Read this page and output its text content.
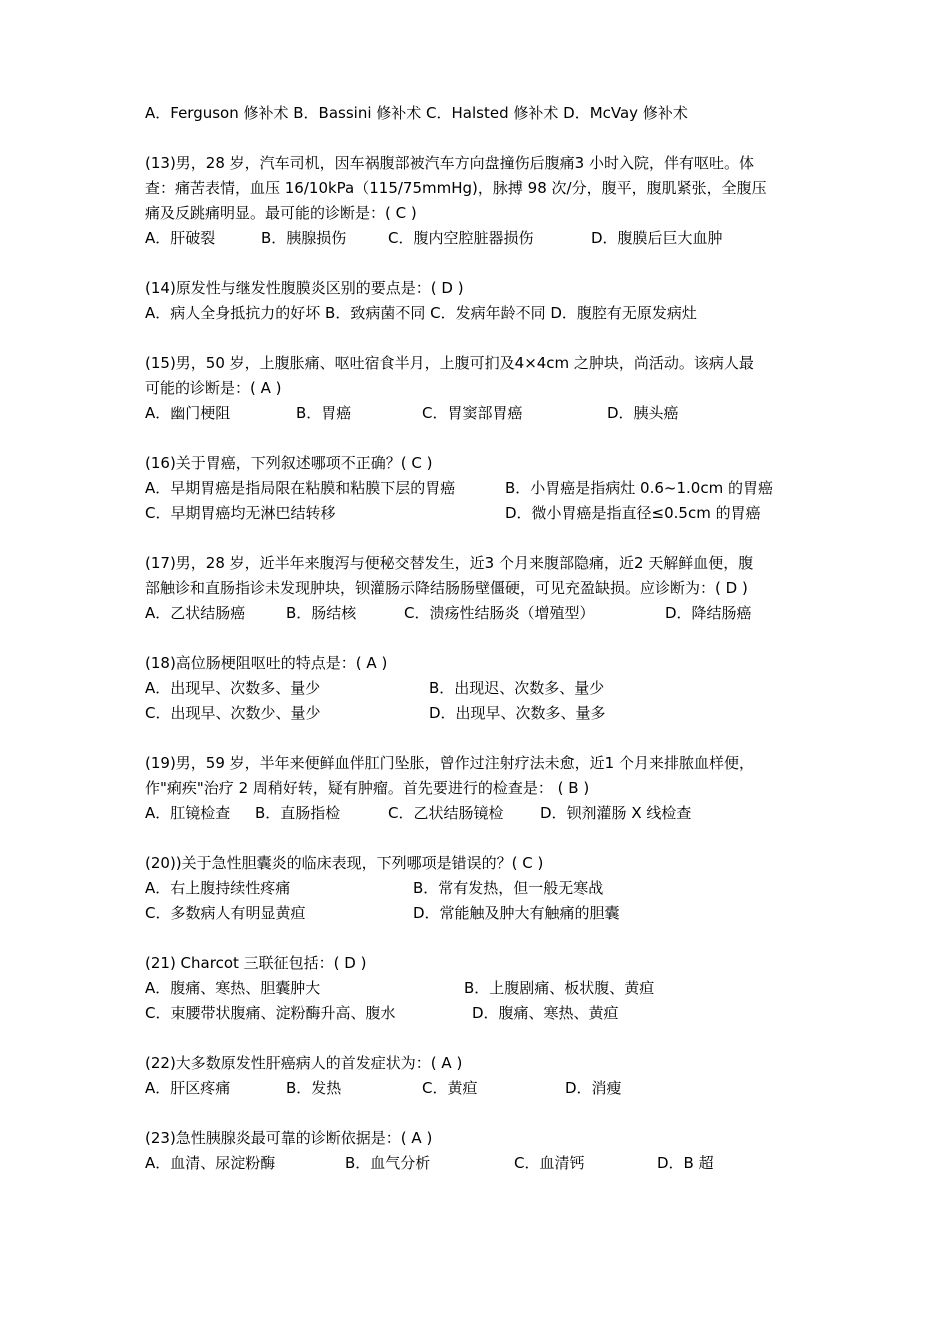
A．Ferguson 修补术 B．Bassini 修补术 C．Halsted 修补术 D．McVay 修补术
(13)男，28 岁，汽车司机，因车祸腹部被汽车方向盘撞伤后腹痛3 小时入院，伴有呕吐。体
查：痛苦表情，血压 16/10kPa（115/75mmHg)，脉搏 98 次/分，腹平，腹肌紧张，全腹压
痛及反跳痛明显。最可能的诊断是：( C )
A．肝破裂	B．胰腺损伤	C．腹内空腔脏器损伤	D．腹膜后巨大血肿
(14)原发性与继发性腹膜炎区别的要点是：( D )
A．病人全身抵抗力的好坏 B．致病菌不同 C．发病年龄不同 D．腹腔有无原发病灶
(15)男，50 岁，上腹胀痛、呕吐宿食半月，上腹可扪及4×4cm 之肿块，尚活动。该病人最
可能的诊断是：( A )
A．幽门梗阻	B．胃癌	C．胃窦部胃癌	D．胰头癌
(16)关于胃癌，下列叙述哪项不正确？( C )
A．早期胃癌是指局限在粘膜和粘膜下层的胃癌	B．小胃癌是指病灶 0.6~1.0cm 的胃癌
C．早期胃癌均无淋巴结转移	D．微小胃癌是指直径≤0.5cm 的胃癌
(17)男，28 岁，近半年来腹泻与便秘交替发生，近3 个月来腹部隐痛，近2 天解鲜血便，腹
部触诊和直肠指诊未发现肿块，钡灌肠示降结肠肠壁僵硬，可见充盈缺损。应诊断为：( D )
A．乙状结肠癌	B．肠结核	C．溃疡性结肠炎（增殖型）	D．降结肠癌
(18)高位肠梗阻呕吐的特点是：( A )
A．出现早、次数多、量少	B．出现迟、次数多、量少
C．出现早、次数少、量少	D．出现早、次数多、量多
(19)男，59 岁，半年来便鲜血伴肛门坠胀，曾作过注射疗法未愈，近1 个月来排脓血样便，
作"痢疾"治疗 2 周稍好转，疑有肿瘤。首先要进行的检查是： ( B )
A．肛镜检查 B．直肠指检	C．乙状结肠镜检 D．钡剂灌肠 X 线检查
(20))关于急性胆囊炎的临床表现，下列哪项是错误的？( C )
A．右上腹持续性疼痛	B．常有发热，但一般无寒战
C．多数病人有明显黄疸	D．常能触及肿大有触痛的胆囊
(21) Charcot 三联征包括：( D )
A．腹痛、寒热、胆囊肿大	B．上腹剧痛、板状腹、黄疸
C．束腰带状腹痛、淀粉酶升高、腹水	D．腹痛、寒热、黄疸
(22)大多数原发性肝癌病人的首发症状为：( A )
A．肝区疼痛	B．发热	C．黄疸	D．消瘦
(23)急性胰腺炎最可靠的诊断依据是：( A )
A．血清、尿淀粉酶	B．血气分析	C．血清钙	D．B 超
